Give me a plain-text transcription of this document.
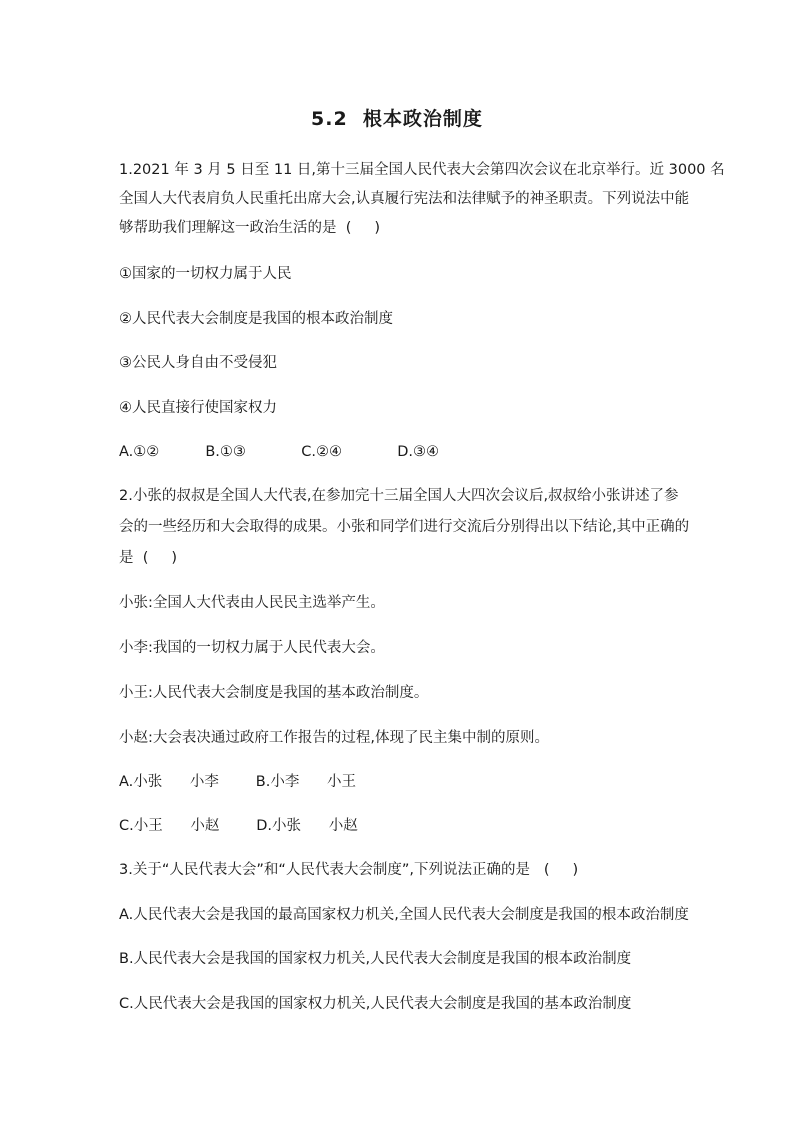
5.2  根本政治制度
1.2021 年 3 月 5 日至 11 日,第十三届全国人民代表大会第四次会议在北京举行。近 3000 名
全国人大代表肩负人民重托出席大会,认真履行宪法和法律赋予的神圣职责。下列说法中能
够帮助我们理解这一政治生活的是  (     )
①国家的一切权力属于人民
②人民代表大会制度是我国的根本政治制度
③公民人身自由不受侵犯
④人民直接行使国家权力
A.①②          B.①③            C.②④            D.③④
2.小张的叔叔是全国人大代表,在参加完十三届全国人大四次会议后,叔叔给小张讲述了参
会的一些经历和大会取得的成果。小张和同学们进行交流后分别得出以下结论,其中正确的
是  (     )
小张:全国人大代表由人民民主选举产生。
小李:我国的一切权力属于人民代表大会。
小王:人民代表大会制度是我国的基本政治制度。
小赵:大会表决通过政府工作报告的过程,体现了民主集中制的原则。
A.小张      小李        B.小李      小王
C.小王      小赵        D.小张      小赵
3.关于“人民代表大会”和“人民代表大会制度”,下列说法正确的是   (     )
A.人民代表大会是我国的最高国家权力机关,全国人民代表大会制度是我国的根本政治制度
B.人民代表大会是我国的国家权力机关,人民代表大会制度是我国的根本政治制度
C.人民代表大会是我国的国家权力机关,人民代表大会制度是我国的基本政治制度
